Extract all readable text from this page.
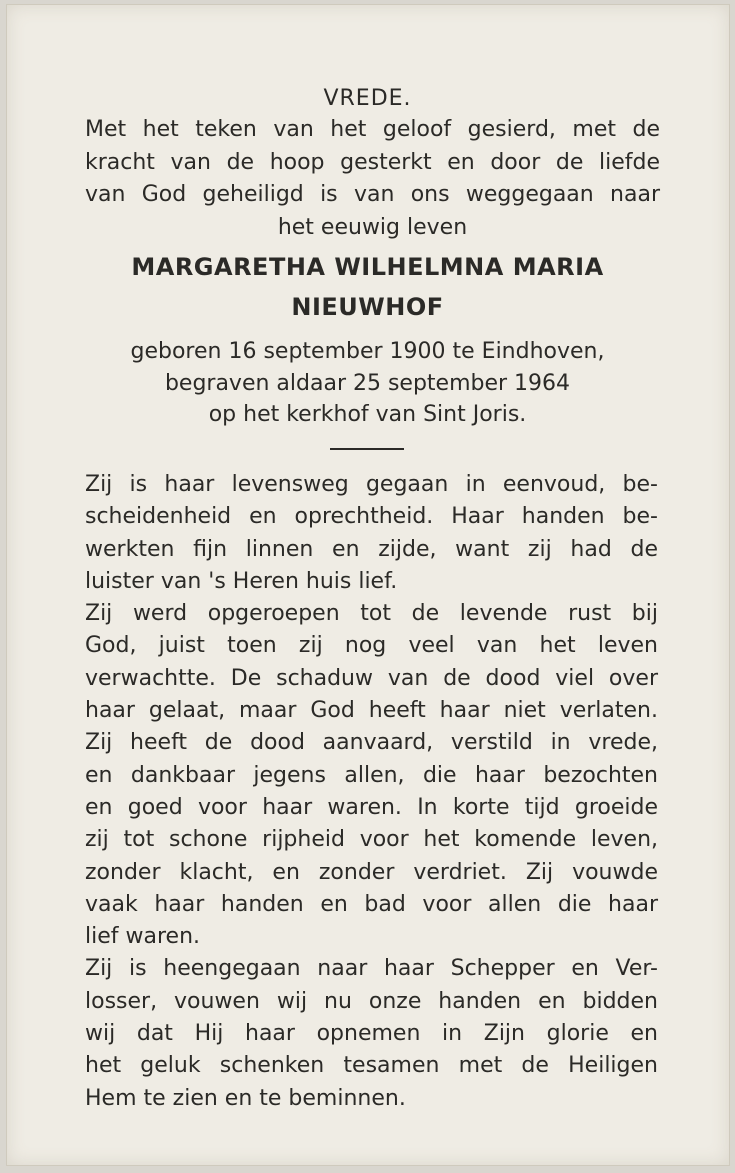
VREDE.
Met het teken van het geloof gesierd, met de
kracht van de hoop gesterkt en door de liefde
van God geheiligd is van ons weggegaan naar
het eeuwig leven
MARGARETHA WILHELMNA MARIA
NIEUWHOF
geboren 16 september 1900 te Eindhoven,
begraven aldaar 25 september 1964
op het kerkhof van Sint Joris.
Zij is haar levensweg gegaan in eenvoud, be-
scheidenheid en oprechtheid. Haar handen be-
werkten fijn linnen en zijde, want zij had de
luister van 's Heren huis lief.
Zij werd opgeroepen tot de levende rust bij
God, juist toen zij nog veel van het leven
verwachtte. De schaduw van de dood viel over
haar gelaat, maar God heeft haar niet verlaten.
Zij heeft de dood aanvaard, verstild in vrede,
en dankbaar jegens allen, die haar bezochten
en goed voor haar waren. In korte tijd groeide
zij tot schone rijpheid voor het komende leven,
zonder klacht, en zonder verdriet. Zij vouwde
vaak haar handen en bad voor allen die haar
lief waren.
Zij is heengegaan naar haar Schepper en Ver-
losser, vouwen wij nu onze handen en bidden
wij dat Hij haar opnemen in Zijn glorie en
het geluk schenken tesamen met de Heiligen
Hem te zien en te beminnen.
